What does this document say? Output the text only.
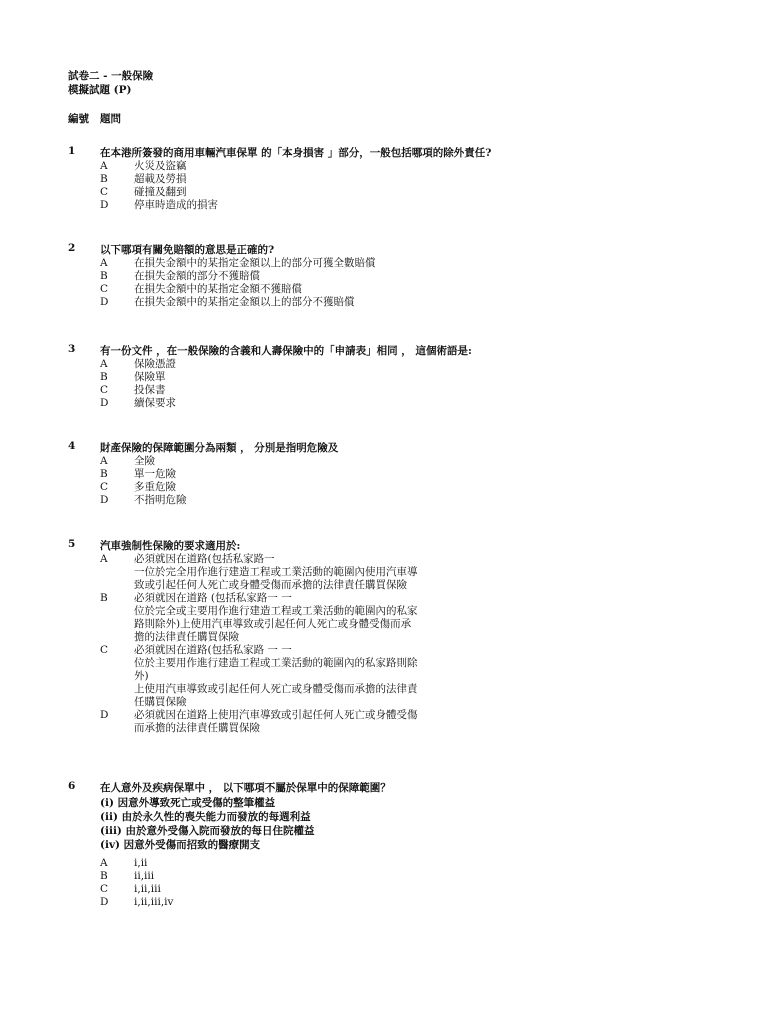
試卷二 - 一般保險
模擬試題 (P)
編號   題問
1 在本港所簽發的商用車輛汽車保單 的「本身損害 」部分，一般包括哪項的除外責任?
A	火災及盜竊
B	超載及勞損
C 碰撞及翻到
D 停車時造成的損害
2 以下哪項有關免賠額的意思是正確的?
A	在損失金額中的某指定金額以上的部分可獲全數賠償
B	在損失金額的部分不獲賠償
C 在損失金額中的某指定金額不獲賠償
D 在損失金額中的某指定金額以上的部分不獲賠償
3 有一份文件 ，在一般保險的含義和人壽保險中的「申請表」相同 ， 這個術語是:
A	保險憑證
B	保險單
C 投保書
D 續保要求
4 財產保險的保障範圍分為兩類 ， 分別是指明危險及
A	全險
B	單一危險
C 多重危險
D 不指明危險
5 汽車強制性保險的要求適用於:
A	必須就因在道路(包括私家路一
一位於完全用作進行建造工程或工業活動的範圍內使用汽車導
致或引起任何人死亡或身體受傷而承擔的法律責任購買保險
B	必須就因在道路 (包括私家路一 一
位於完全或主要用作進行建造工程或工業活動的範圍內的私家
路則除外)上使用汽車導致或引起任何人死亡或身體受傷而承
擔的法律責任購買保險
C 必須就因在道路(包括私家路 一 一
位於主要用作進行建造工程或工業活動的範圍內的私家路則除
外)
上使用汽車導致或引起任何人死亡或身體受傷而承擔的法律責
任購買保險
D 必須就因在道路上使用汽車導致或引起任何人死亡或身體受傷
而承擔的法律責任購買保險
6 在人意外及疾病保單中 ， 以下哪項不屬於保單中的保障範圍？
(i) 因意外導致死亡或受傷的整筆權益
(ii) 由於永久性的喪失能力而發放的每週利益
(iii) 由於意外受傷入院而發放的每日住院權益
(iv) 因意外受傷而招致的醫療開支
A	i,ii
B	ii,iii
C i,ii,iii
D i,ii,iii,iv
